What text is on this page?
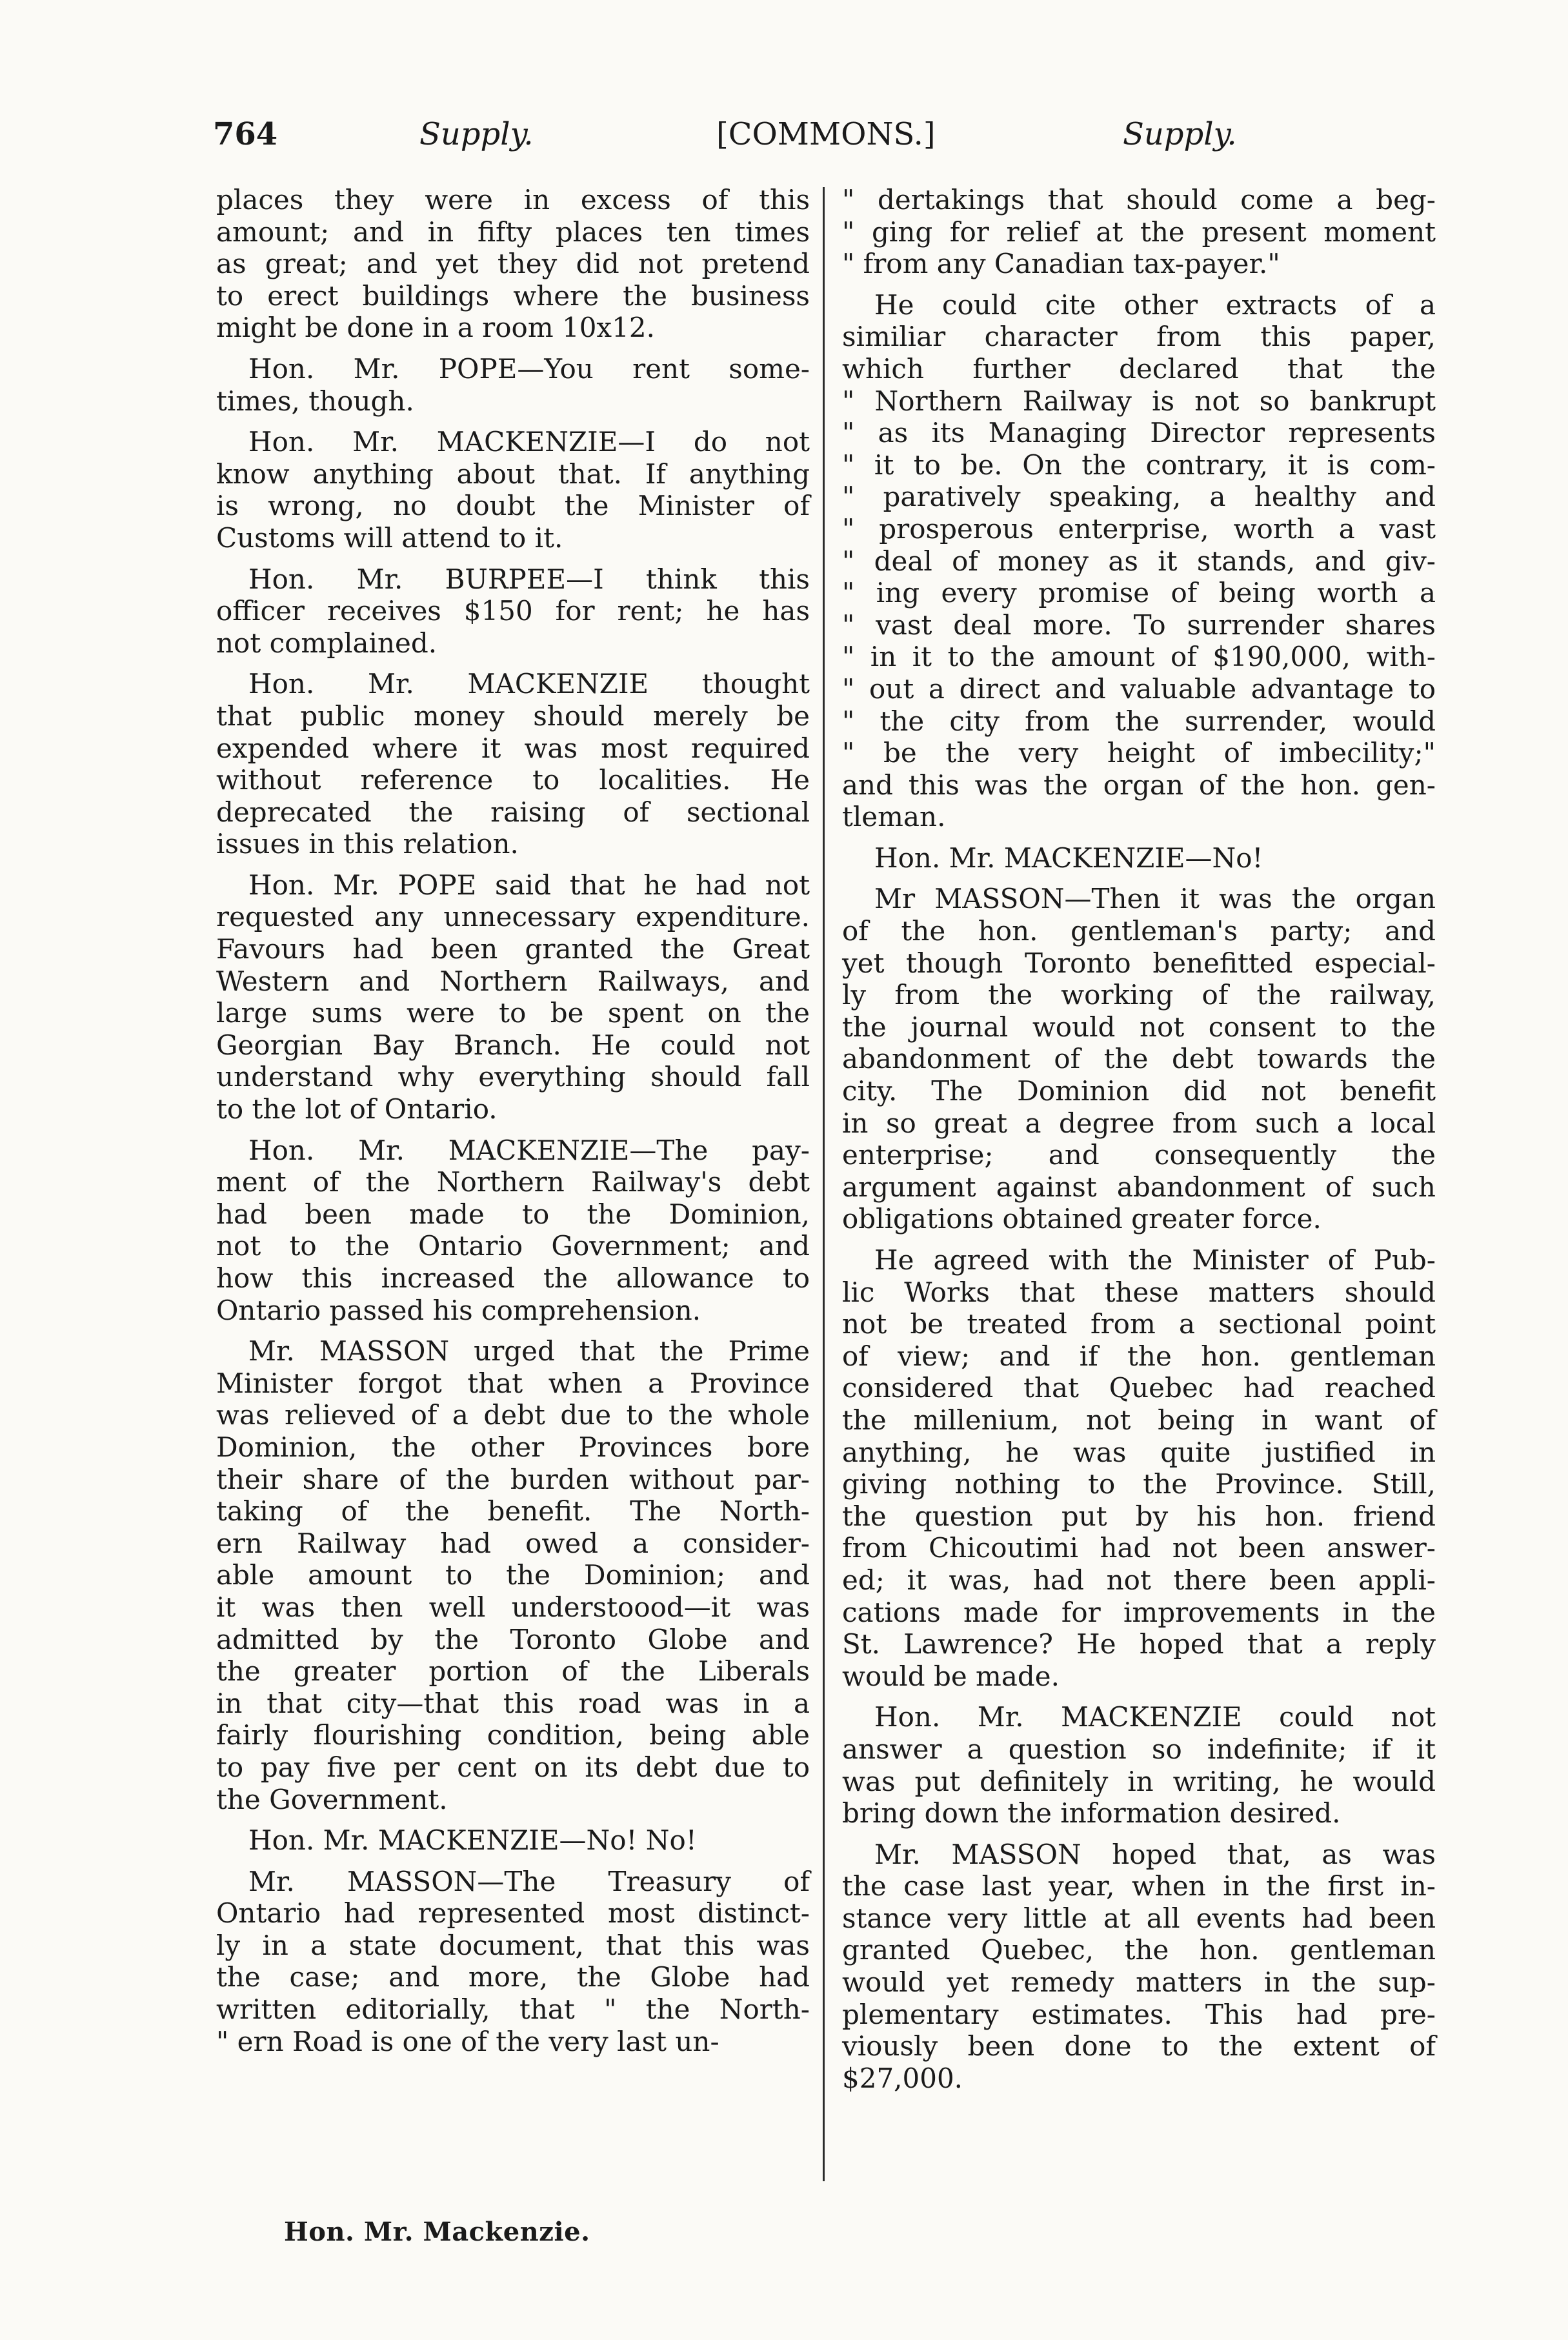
764	Supply.	[COMMONS.]	Supply.
places they were in excess of this
amount; and in fifty places ten times
as great; and yet they did not pretend
to erect buildings where the business
might be done in a room 10x12.
Hon. Mr. POPE—You rent some-
times, though.
Hon. Mr. MACKENZIE—I do not
know anything about that. If anything
is wrong, no doubt the Minister of
Customs will attend to it.
Hon. Mr. BURPEE—I think this
officer receives $150 for rent; he has
not complained.
Hon. Mr. MACKENZIE thought
that public money should merely be
expended where it was most required
without reference to localities. He
deprecated the raising of sectional
issues in this relation.
Hon. Mr. POPE said that he had not
requested any unnecessary expenditure.
Favours had been granted the Great
Western and Northern Railways, and
large sums were to be spent on the
Georgian Bay Branch. He could not
understand why everything should fall
to the lot of Ontario.
Hon. Mr. MACKENZIE—The pay-
ment of the Northern Railway's debt
had been made to the Dominion,
not to the Ontario Government; and
how this increased the allowance to
Ontario passed his comprehension.
Mr. MASSON urged that the Prime
Minister forgot that when a Province
was relieved of a debt due to the whole
Dominion, the other Provinces bore
their share of the burden without par-
taking of the benefit. The North-
ern Railway had owed a consider-
able amount to the Dominion; and
it was then well understoood—it was
admitted by the Toronto Globe and
the greater portion of the Liberals
in that city—that this road was in a
fairly flourishing condition, being able
to pay five per cent on its debt due to
the Government.
Hon. Mr. MACKENZIE—No! No!
Mr. MASSON—The Treasury of
Ontario had represented most distinct-
ly in a state document, that this was
the case; and more, the Globe had
written editorially, that " the North-
" ern Road is one of the very last un-
" dertakings that should come a beg-
" ging for relief at the present moment
" from any Canadian tax-payer."
He could cite other extracts of a
similiar character from this paper,
which further declared that the
" Northern Railway is not so bankrupt
" as its Managing Director represents
" it to be. On the contrary, it is com-
" paratively speaking, a healthy and
" prosperous enterprise, worth a vast
" deal of money as it stands, and giv-
" ing every promise of being worth a
" vast deal more. To surrender shares
" in it to the amount of $190,000, with-
" out a direct and valuable advantage to
" the city from the surrender, would
" be the very height of imbecility;"
and this was the organ of the hon. gen-
tleman.
Hon. Mr. MACKENZIE—No!
Mr MASSON—Then it was the organ
of the hon. gentleman's party; and
yet though Toronto benefitted especial-
ly from the working of the railway,
the journal would not consent to the
abandonment of the debt towards the
city. The Dominion did not benefit
in so great a degree from such a local
enterprise; and consequently the
argument against abandonment of such
obligations obtained greater force.
He agreed with the Minister of Pub-
lic Works that these matters should
not be treated from a sectional point
of view; and if the hon. gentleman
considered that Quebec had reached
the millenium, not being in want of
anything, he was quite justified in
giving nothing to the Province. Still,
the question put by his hon. friend
from Chicoutimi had not been answer-
ed; it was, had not there been appli-
cations made for improvements in the
St. Lawrence? He hoped that a reply
would be made.
Hon. Mr. MACKENZIE could not
answer a question so indefinite; if it
was put definitely in writing, he would
bring down the information desired.
Mr. MASSON hoped that, as was
the case last year, when in the first in-
stance very little at all events had been
granted Quebec, the hon. gentleman
would yet remedy matters in the sup-
plementary estimates. This had pre-
viously been done to the extent of
$27,000.
Hon. Mr. Mackenzie.
